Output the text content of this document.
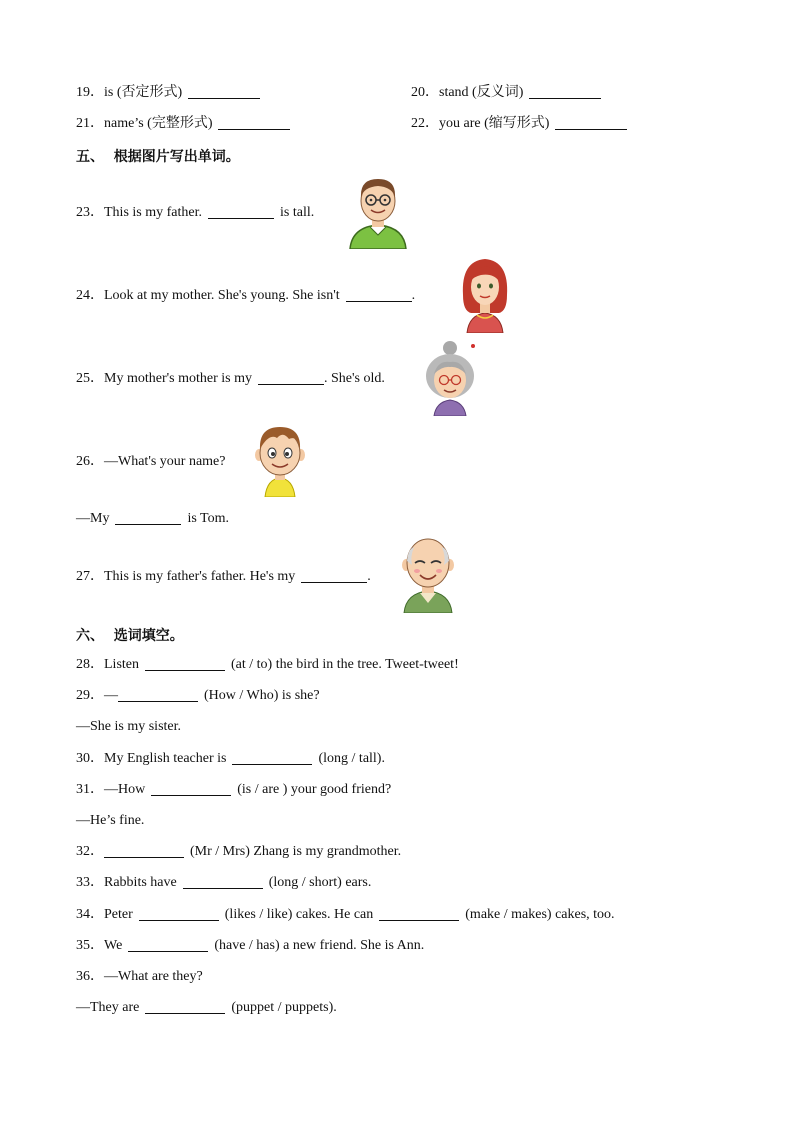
19．is (否定形式)	20．stand (反义词)
21．name’s (完整形式)	22．you are (缩写形式)
五、 根据图片写出单词。
23．This is my father.	is tall.
24．Look at my mother. She's young. She isn't	.
25．My mother's mother is my	. She's old.
26．—What's your name?
—My	is Tom.
27．This is my father's father. He's my	.
六、 选词填空。
28．Listen	(at / to) the bird in the tree. Tweet-tweet!
29．—	(How / Who) is she?
—She is my sister.
30．My English teacher is	(long / tall).
31．—How	(is / are ) your good friend?
—He’s fine.
32．	(Mr / Mrs) Zhang is my grandmother.
33．Rabbits have	(long / short) ears.
34．Peter	(likes / like) cakes. He can	(make / makes) cakes, too.
35．We	(have / has) a new friend. She is Ann.
36．—What are they?
—They are	(puppet / puppets).
